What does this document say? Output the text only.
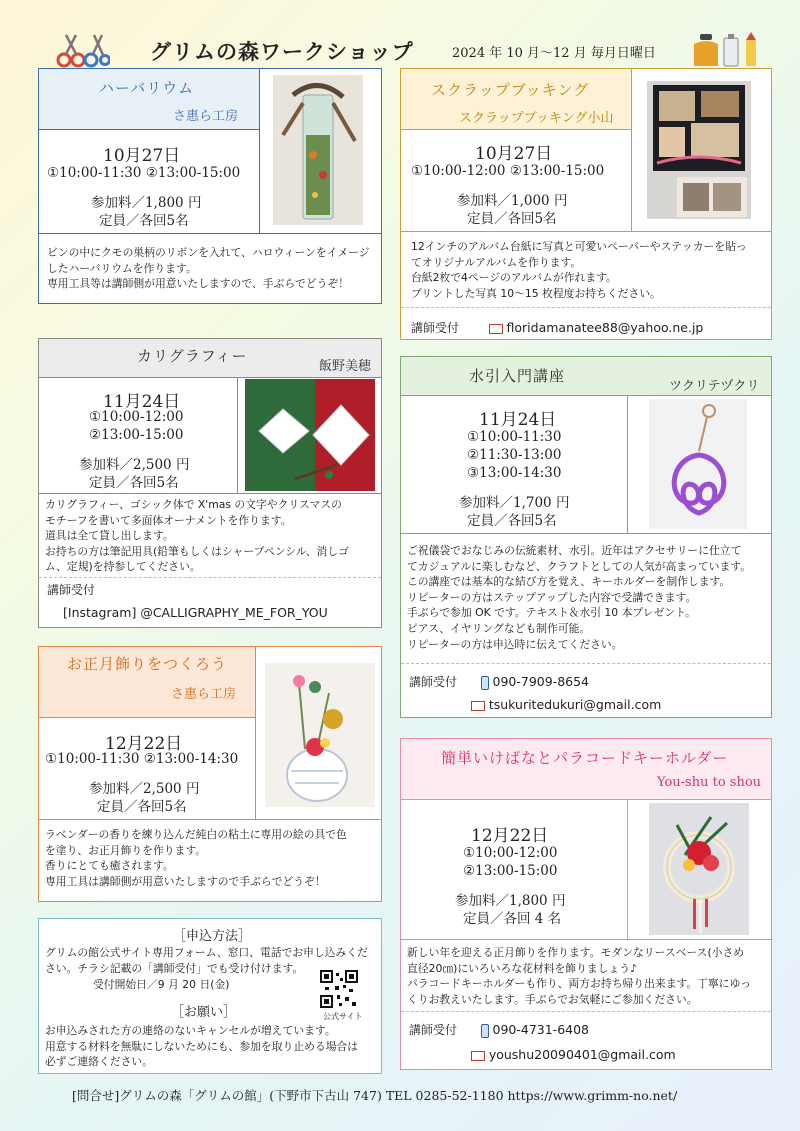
グリムの森ワークショップ	2024 年 10 月～12 月 毎月日曜日
ハーバリウム
さ惠ら工房
10月27日
①10:00-11:30 ②13:00-15:00
参加料／1,800 円
定員／各回5名
ビンの中にクモの巣柄のリボンを入れて、ハロウィーンをイメージ
したハーバリウムを作ります。
専用工具等は講師側が用意いたしますので、手ぶらでどうぞ！
スクラップブッキング
スクラップブッキング小山
10月27日
①10:00-12:00 ②13:00-15:00
参加料／1,000 円
定員／各回5名
12インチのアルバム台紙に写真と可愛いペーパーやステッカーを貼っ
てオリジナルアルバムを作ります。
台紙2枚で4ページのアルバムが作れます。
プリントした写真 10～15 枚程度お持ちください。
講師受付	floridamanatee88@yahoo.ne.jp
カリグラフィー
飯野美穂
11月24日
①10:00-12:00
②13:00-15:00
参加料／2,500 円
定員／各回5名
カリグラフィー、ゴシック体で X'mas の文字やクリスマスの
モチーフを書いて多面体オーナメントを作ります。
道具は全て貸し出します。
お持ちの方は筆記用具(鉛筆もしくはシャープペンシル、消しゴ
ム、定規)を持参してください。
講師受付
[Instagram] @CALLIGRAPHY_ME_FOR_YOU
水引入門講座
ツクリテヅクリ
11月24日
①10:00-11:30
②11:30-13:00
③13:00-14:30
参加料／1,700 円
定員／各回5名
ご祝儀袋でおなじみの伝統素材、水引。近年はアクセサリーに仕立て
てカジュアルに楽しむなど、クラフトとしての人気が高まっています。
この講座では基本的な結び方を覚え、キーホルダーを制作します。
リピーターの方はステップアップした内容で受講できます。
手ぶらで参加 OK です。テキスト＆水引 10 本プレゼント。
ピアス、イヤリングなども制作可能。
リピーターの方は申込時に伝えてください。
講師受付	090-7909-8654
tsukuritedukuri@gmail.com
お正月飾りをつくろう
さ惠ら工房
12月22日
①10:00-11:30 ②13:00-14:30
参加料／2,500 円
定員／各回5名
ラベンダーの香りを練り込んだ純白の粘土に専用の絵の具で色
を塗り、お正月飾りを作ります。
香りにとても癒されます。
専用工具は講師側が用意いたしますので手ぶらでどうぞ！
簡単いけばなとパラコードキーホルダー
You-shu to shou
12月22日
①10:00-12:00
②13:00-15:00
参加料／1,800 円
定員／各回 4 名
新しい年を迎える正月飾りを作ります。モダンなリースベース(小さめ
直径20㎝)にいろいろな花材料を飾りましょう♪
パラコードキーホルダーも作り、両方お持ち帰り出来ます。丁寧にゆっ
くりお教えいたします。手ぶらでお気軽にご参加ください。
講師受付	090-4731-6408
youshu20090401@gmail.com
［申込方法］
グリムの館公式サイト専用フォーム、窓口、電話でお申し込みくだ
さい。チラシ記載の「講師受付」でも受け付けます。
受付開始日／9 月 20 日(金)
［お願い］	公式サイト
お申込みされた方の連絡のないキャンセルが増えています。
用意する材料を無駄にしないためにも、参加を取り止める場合は
必ずご連絡ください。
[問合せ]グリムの森「グリムの館」(下野市下古山 747) TEL 0285-52-1180 https://www.grimm-no.net/
